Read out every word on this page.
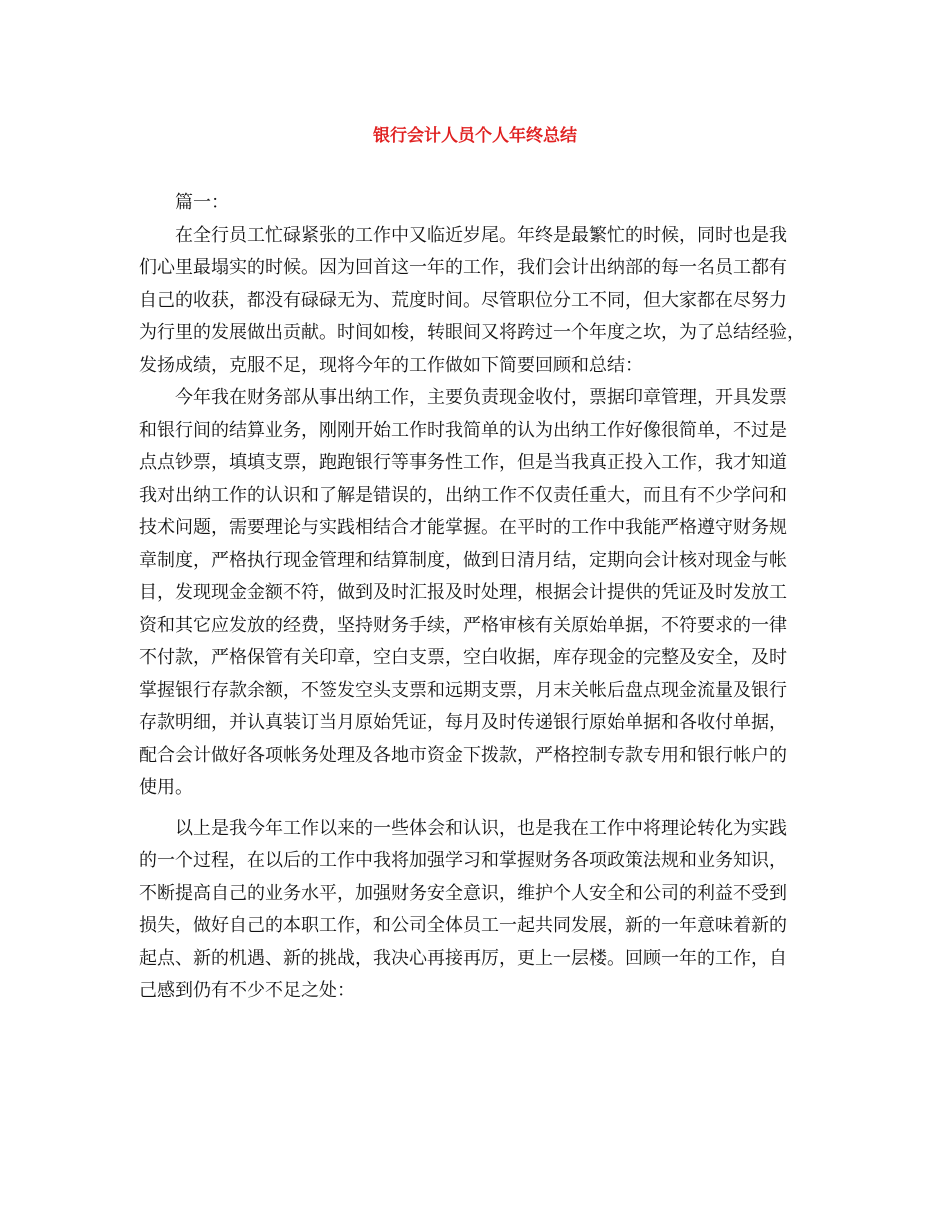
银行会计人员个人年终总结

篇一：

在全行员工忙碌紧张的工作中又临近岁尾。年终是最繁忙的时候，同时也是我
们心里最塌实的时候。因为回首这一年的工作，我们会计出纳部的每一名员工都有
自己的收获，都没有碌碌无为、荒度时间。尽管职位分工不同，但大家都在尽努力
为行里的发展做出贡献。时间如梭，转眼间又将跨过一个年度之坎，为了总结经验，
发扬成绩，克服不足，现将今年的工作做如下简要回顾和总结：

今年我在财务部从事出纳工作，主要负责现金收付，票据印章管理，开具发票
和银行间的结算业务，刚刚开始工作时我简单的认为出纳工作好像很简单，不过是
点点钞票，填填支票，跑跑银行等事务性工作，但是当我真正投入工作，我才知道
我对出纳工作的认识和了解是错误的，出纳工作不仅责任重大，而且有不少学问和
技术问题，需要理论与实践相结合才能掌握。在平时的工作中我能严格遵守财务规
章制度，严格执行现金管理和结算制度，做到日清月结，定期向会计核对现金与帐
目，发现现金金额不符，做到及时汇报及时处理，根据会计提供的凭证及时发放工
资和其它应发放的经费，坚持财务手续，严格审核有关原始单据，不符要求的一律
不付款，严格保管有关印章，空白支票，空白收据，库存现金的完整及安全，及时
掌握银行存款余额，不签发空头支票和远期支票，月末关帐后盘点现金流量及银行
存款明细，并认真装订当月原始凭证，每月及时传递银行原始单据和各收付单据，
配合会计做好各项帐务处理及各地市资金下拨款，严格控制专款专用和银行帐户的
使用。

以上是我今年工作以来的一些体会和认识，也是我在工作中将理论转化为实践
的一个过程，在以后的工作中我将加强学习和掌握财务各项政策法规和业务知识，
不断提高自己的业务水平，加强财务安全意识，维护个人安全和公司的利益不受到
损失，做好自己的本职工作，和公司全体员工一起共同发展，新的一年意味着新的
起点、新的机遇、新的挑战，我决心再接再厉，更上一层楼。回顾一年的工作，自
己感到仍有不少不足之处：
